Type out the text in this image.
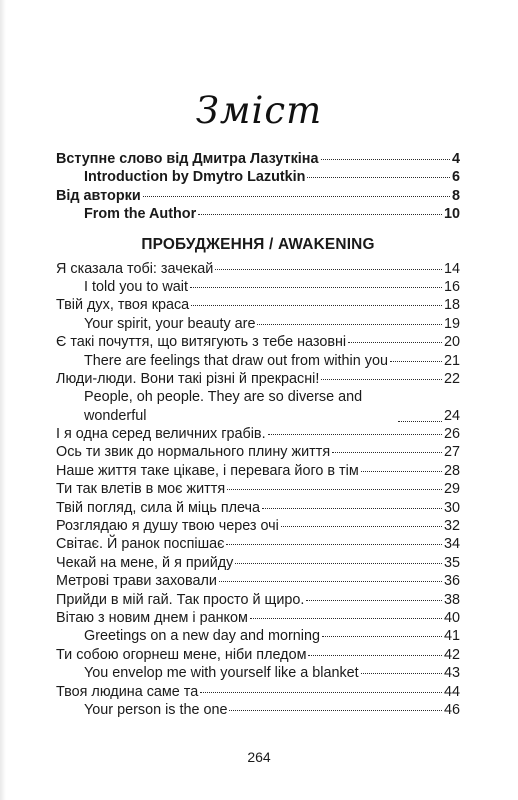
Зміст
Вступне слово від Дмитра Лазуткіна	4
Introduction by Dmytro Lazutkin	6
Від авторки	8
From the Author	10
ПРОБУДЖЕННЯ / AWAKENING
Я сказала тобі: зачекай	14
I told you to wait	16
Твій дух, твоя краса	18
Your spirit, your beauty are	19
Є такі почуття, що витягують з тебе назовні	20
There are feelings that draw out from within you	21
Люди-люди. Вони такі різні й прекрасні!	22
People, oh people. They are so diverse and wonderful	24
І я одна серед величних грабів.	26
Ось ти звик до нормального плину життя	27
Наше життя таке цікаве, і перевага його в тім	28
Ти так влетів в моє життя	29
Твій погляд, сила й міць плеча	30
Розглядаю я душу твою через очі	32
Світає. Й ранок поспішає	34
Чекай на мене, й я прийду	35
Метрові трави заховали	36
Прийди в мій гай. Так просто й щиро.	38
Вітаю з новим днем і ранком	40
Greetings on a new day and morning	41
Ти собою огорнеш мене, ніби пледом	42
You envelop me with yourself like a blanket	43
Твоя людина саме та	44
Your person is the one	46
264
